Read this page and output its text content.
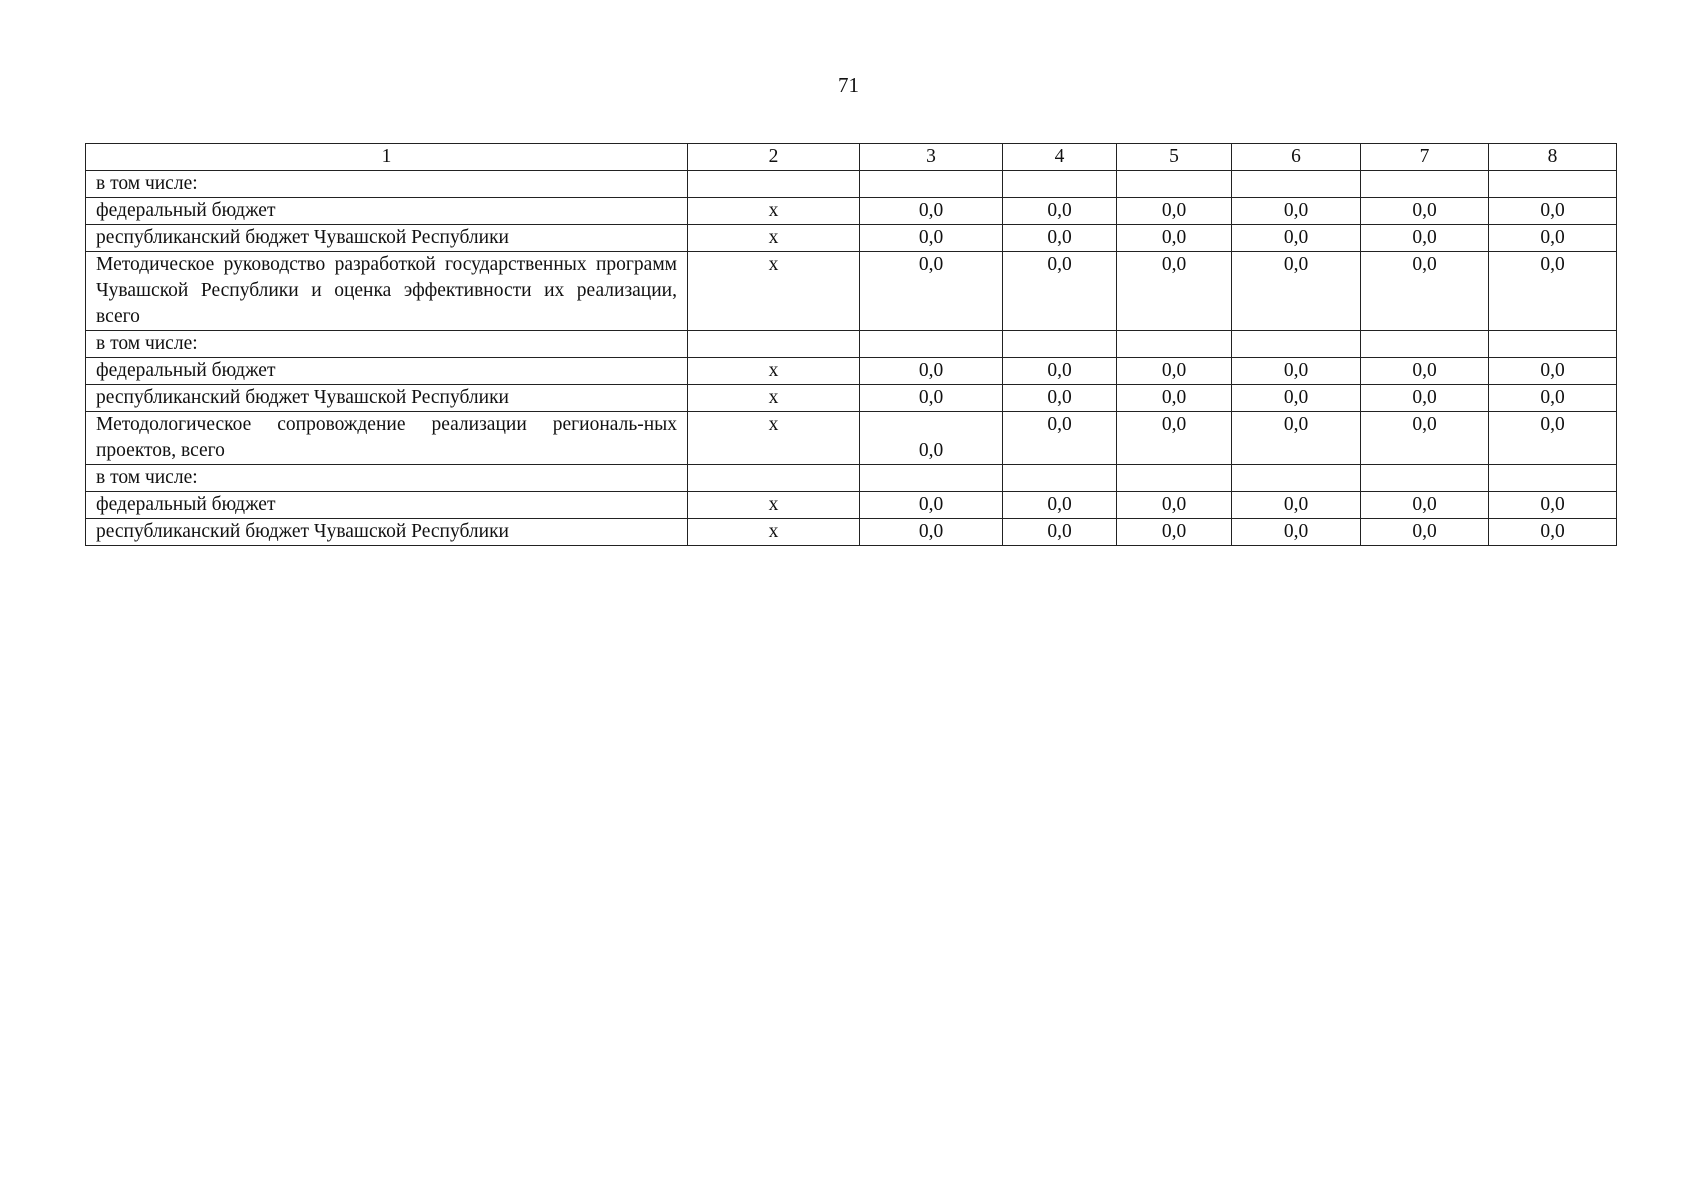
71
1	2	3	4	5	6	7	8
в том числе:							
федеральный бюджет	х	0,0	0,0	0,0	0,0	0,0	0,0
республиканский бюджет Чувашской Республики	х	0,0	0,0	0,0	0,0	0,0	0,0
Методическое руководство разработкой государственных программ Чувашской Республики и оценка эффективности их реализации, всего	х	0,0	0,0	0,0	0,0	0,0	0,0
в том числе:							
федеральный бюджет	х	0,0	0,0	0,0	0,0	0,0	0,0
республиканский бюджет Чувашской Республики	х	0,0	0,0	0,0	0,0	0,0	0,0
Методологическое сопровождение реализации региональ-ных проектов, всего	х	0,0	0,0	0,0	0,0	0,0	0,0
в том числе:							
федеральный бюджет	х	0,0	0,0	0,0	0,0	0,0	0,0
республиканский бюджет Чувашской Республики	х	0,0	0,0	0,0	0,0	0,0	0,0
